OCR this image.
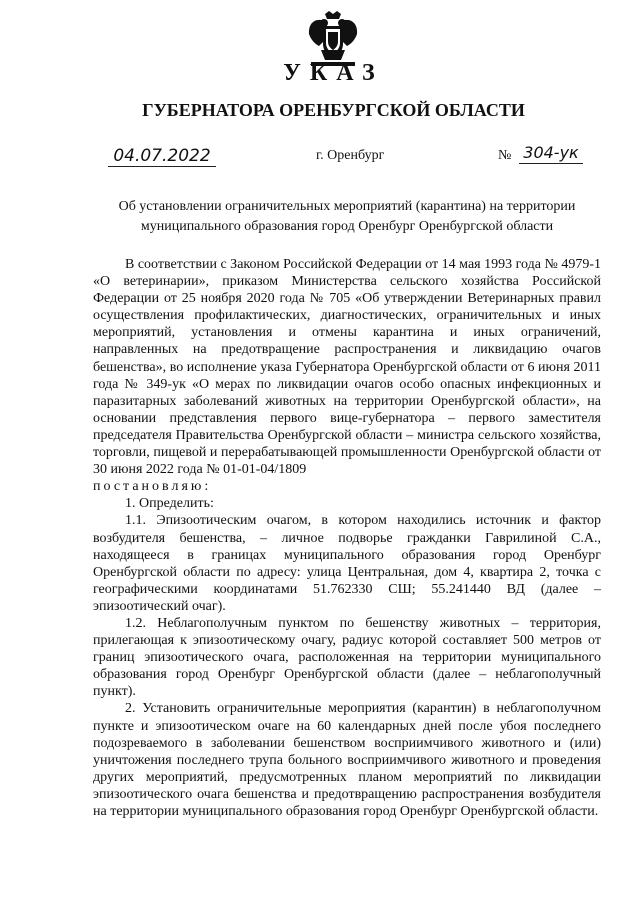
УКАЗ
ГУБЕРНАТОРА ОРЕНБУРГСКОЙ ОБЛАСТИ
04.07.2022	г. Оренбург	№ 304-ук
Об установлении ограничительных мероприятий (карантина) на территории муниципального образования город Оренбург Оренбургской области

В соответствии с Законом Российской Федерации от 14 мая 1993 года № 4979-1 «О ветеринарии», приказом Министерства сельского хозяйства Российской Федерации от 25 ноября 2020 года № 705 «Об утверждении Ветеринарных правил осуществления профилактических, диагностических, ограничительных и иных мероприятий, установления и отмены карантина и иных ограничений, направленных на предотвращение распространения и ликвидацию очагов бешенства», во исполнение указа Губернатора Оренбургской области от 6 июня 2011 года № 349-ук «О мерах по ликвидации очагов особо опасных инфекционных и паразитарных заболеваний животных на территории Оренбургской области», на основании представления первого вице-губернатора – первого заместителя председателя Правительства Оренбургской области – министра сельского хозяйства, торговли, пищевой и перерабатывающей промышленности Оренбургской области от 30 июня 2022 года № 01-01-04/1809

постановляю:

1. Определить:

1.1. Эпизоотическим очагом, в котором находились источник и фактор возбудителя бешенства, – личное подворье гражданки Гаврилиной С.А., находящееся в границах муниципального образования город Оренбург Оренбургской области по адресу: улица Центральная, дом 4, квартира 2, точка с географическими координатами 51.762330 СШ; 55.241440 ВД (далее – эпизоотический очаг).

1.2. Неблагополучным пунктом по бешенству животных – территория, прилегающая к эпизоотическому очагу, радиус которой составляет 500 метров от границ эпизоотического очага, расположенная на территории муниципального образования город Оренбург Оренбургской области (далее – неблагополучный пункт).

2. Установить ограничительные мероприятия (карантин) в неблагополучном пункте и эпизоотическом очаге на 60 календарных дней после убоя последнего подозреваемого в заболевании бешенством восприимчивого животного и (или) уничтожения последнего трупа больного восприимчивого животного и проведения других мероприятий, предусмотренных планом мероприятий по ликвидации эпизоотического очага бешенства и предотвращению распространения возбудителя на территории муниципального образования город Оренбург Оренбургской области.
